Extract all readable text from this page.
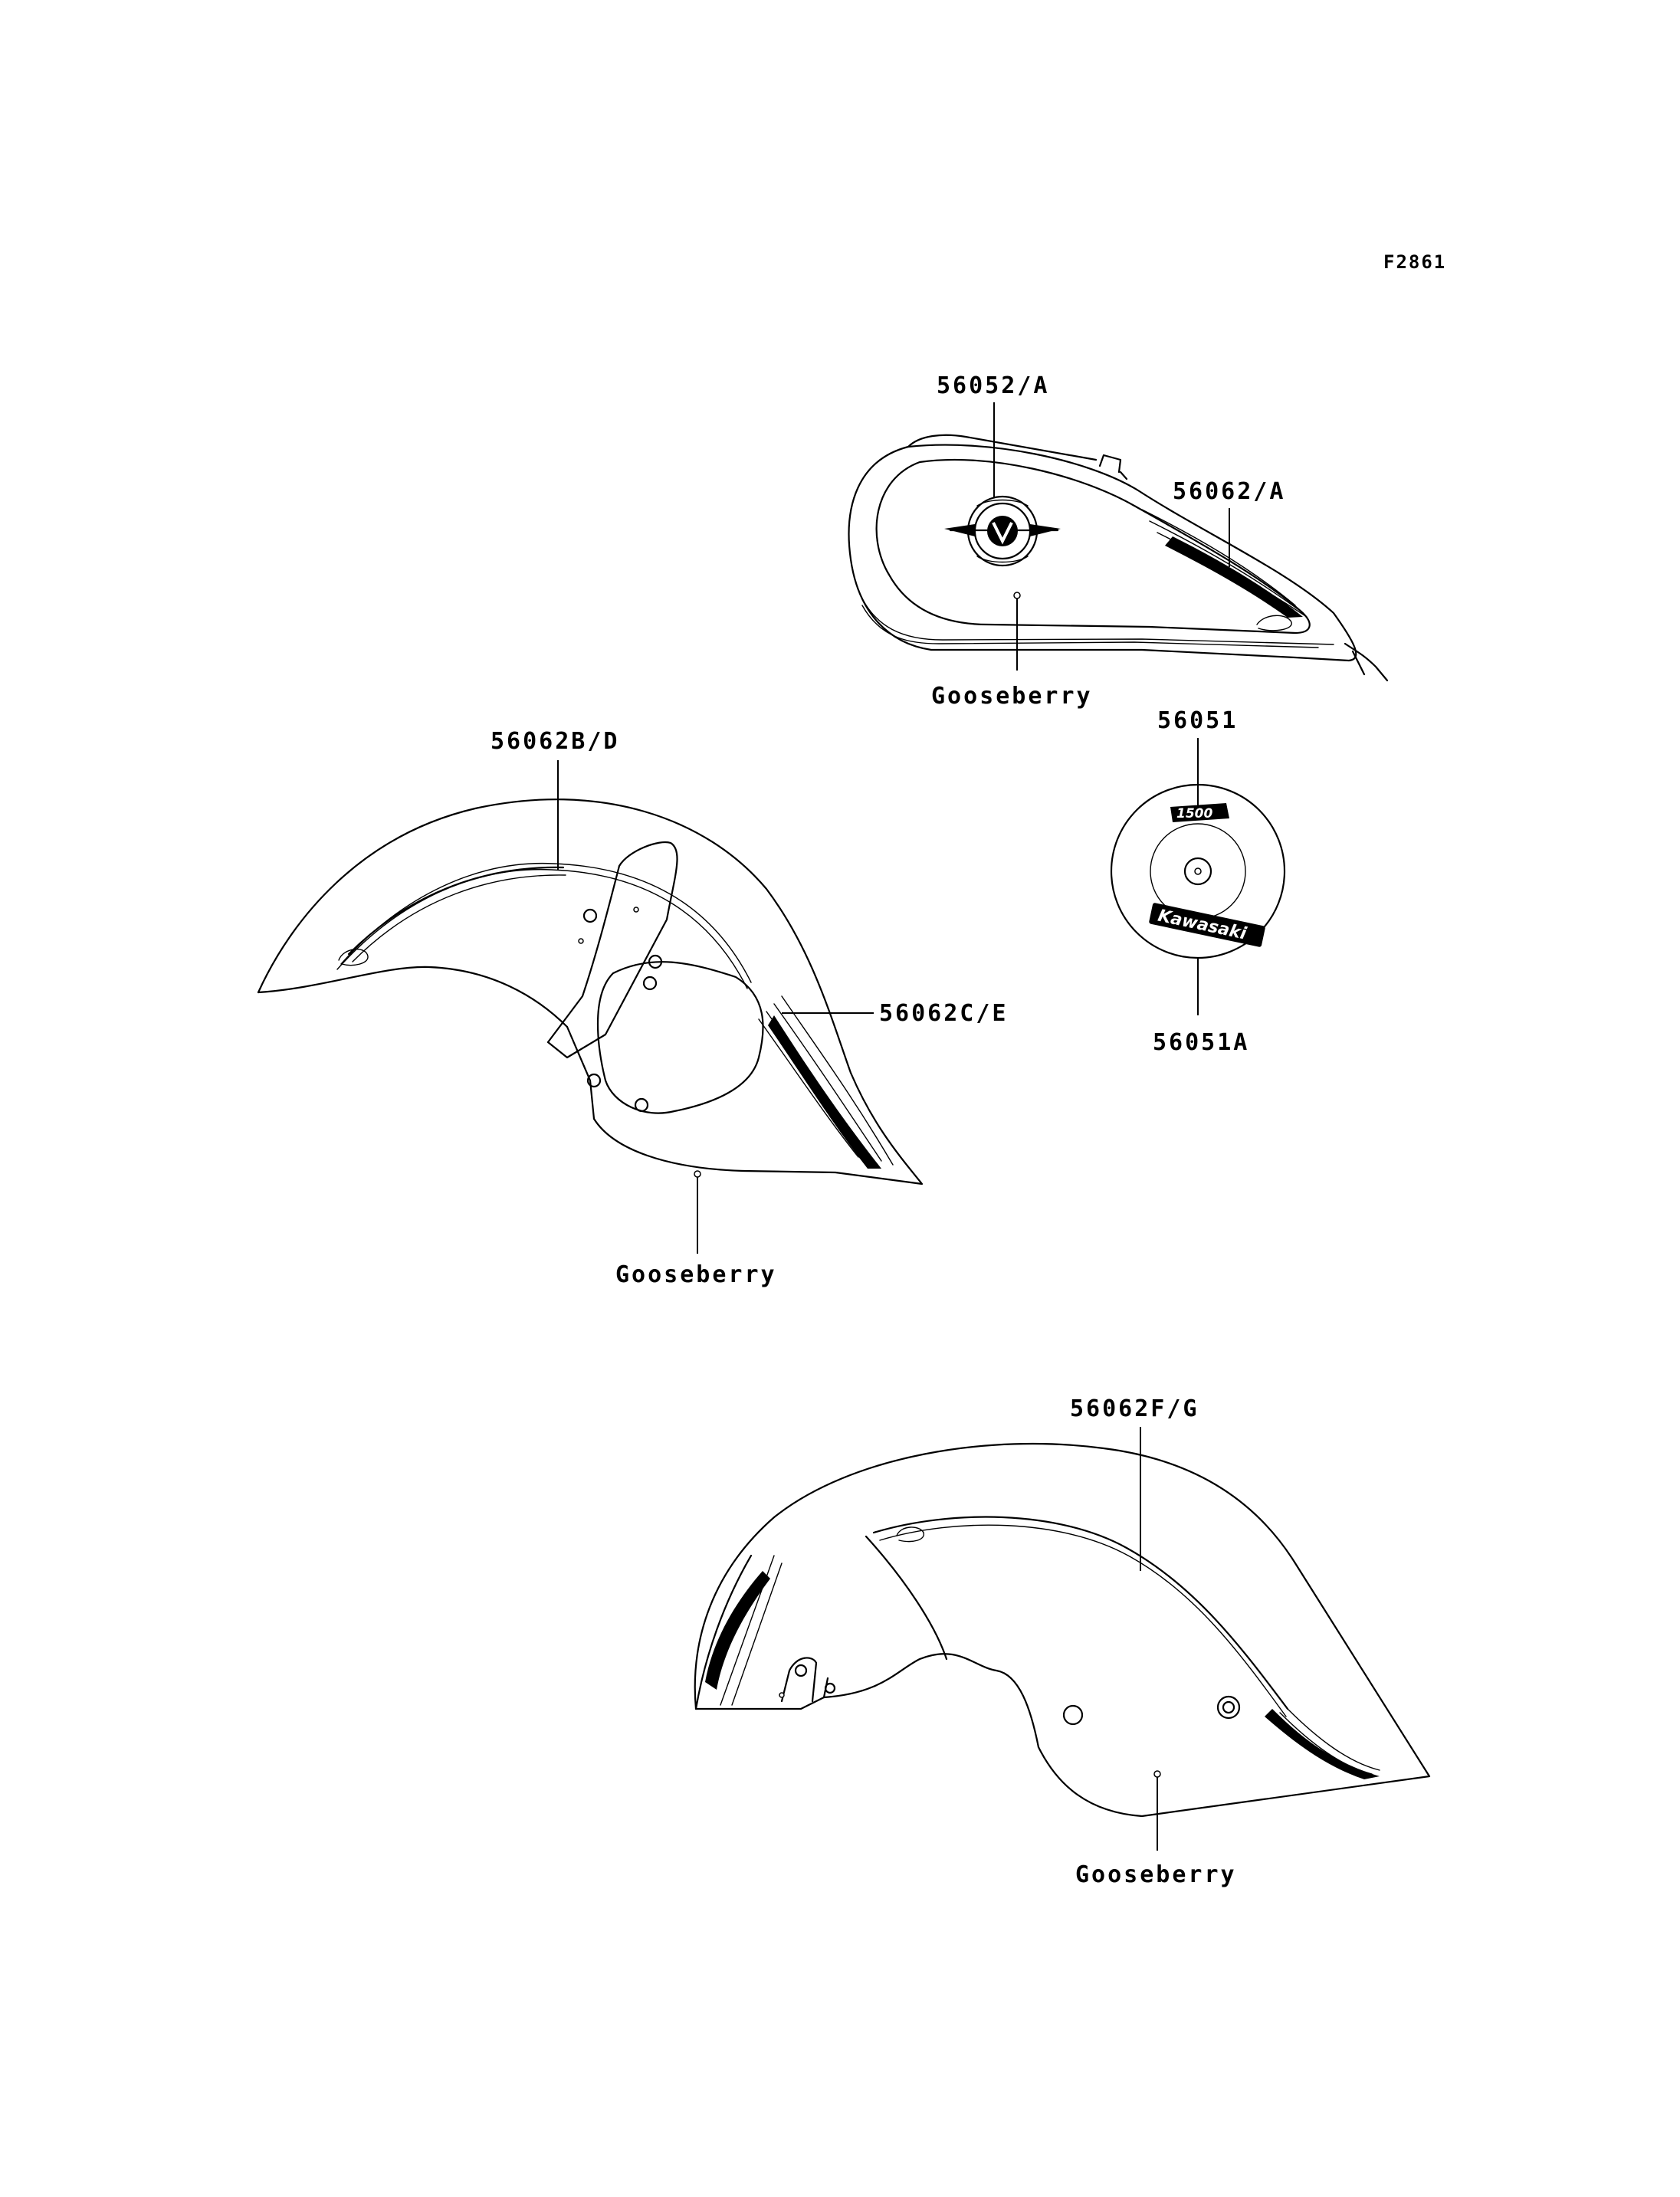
F2861
56052/A
56062/A
Gooseberry
1500
Kawasaki
56051
56051A
56062B/D
56062C/E
Gooseberry
56062F/G
Gooseberry
